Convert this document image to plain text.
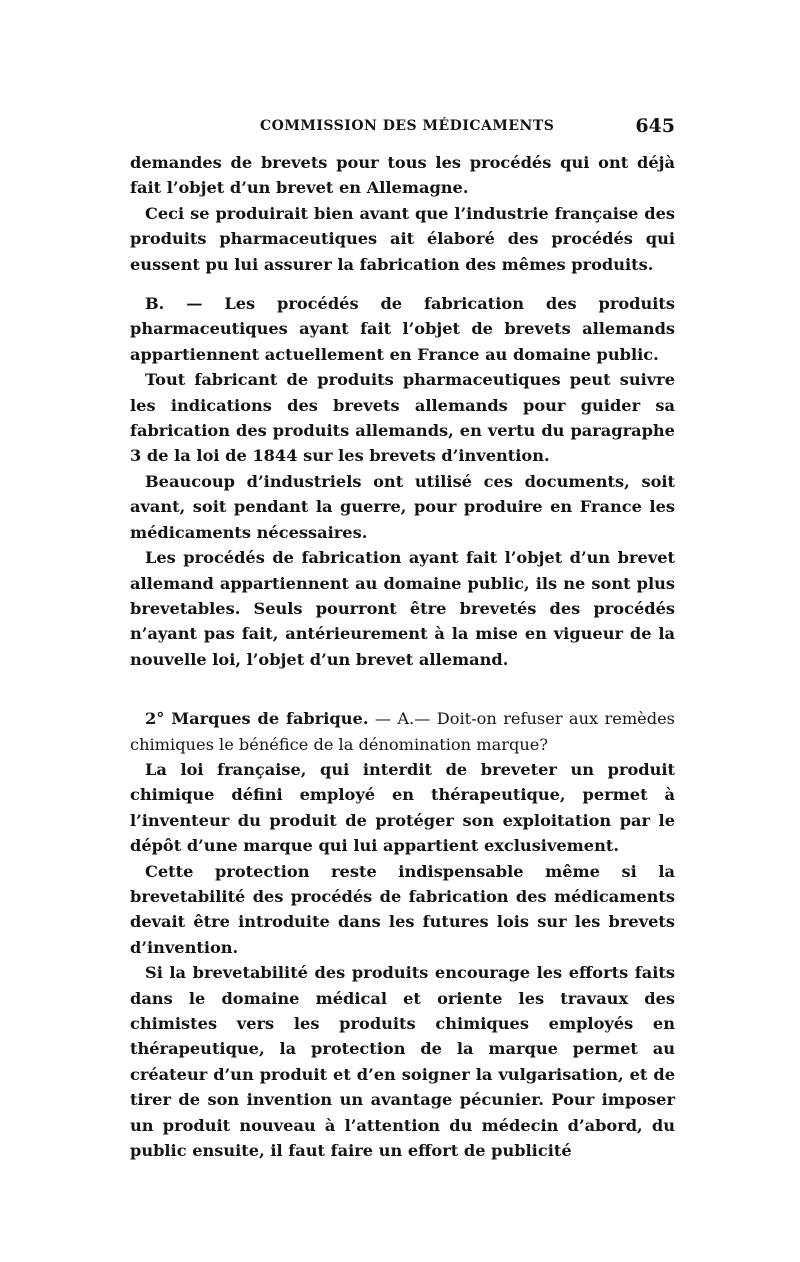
COMMISSION DES MÉDICAMENTS	645

demandes de brevets pour tous les procédés qui ont déjà fait l’objet d’un brevet en Allemagne.

Ceci se produirait bien avant que l’industrie française des produits pharmaceutiques ait élaboré des procédés qui eussent pu lui assurer la fabrication des mêmes produits.

B. — Les procédés de fabrication des produits pharmaceutiques ayant fait l’objet de brevets allemands appartiennent actuellement en France au domaine public.

Tout fabricant de produits pharmaceutiques peut suivre les indications des brevets allemands pour guider sa fabrication des produits allemands, en vertu du paragraphe 3 de la loi de 1844 sur les brevets d’invention.

Beaucoup d’industriels ont utilisé ces documents, soit avant, soit pendant la guerre, pour produire en France les médicaments nécessaires.

Les procédés de fabrication ayant fait l’objet d’un brevet allemand appartiennent au domaine public, ils ne sont plus brevetables. Seuls pourront être brevetés des procédés n’ayant pas fait, antérieurement à la mise en vigueur de la nouvelle loi, l’objet d’un brevet allemand.

2° Marques de fabrique. — A.— Doit-on refuser aux remèdes chimiques le bénéfice de la dénomination marque?

La loi française, qui interdit de breveter un produit chimique défini employé en thérapeutique, permet à l’inventeur du produit de protéger son exploitation par le dépôt d’une marque qui lui appartient exclusivement.

Cette protection reste indispensable même si la brevetabilité des procédés de fabrication des médicaments devait être introduite dans les futures lois sur les brevets d’invention.

Si la brevetabilité des produits encourage les efforts faits dans le domaine médical et oriente les travaux des chimistes vers les produits chimiques employés en thérapeutique, la protection de la marque permet au créateur d’un produit et d’en soigner la vulgarisation, et de tirer de son invention un avantage pécunier. Pour imposer un produit nouveau à l’attention du médecin d’abord, du public ensuite, il faut faire un effort de publicité
